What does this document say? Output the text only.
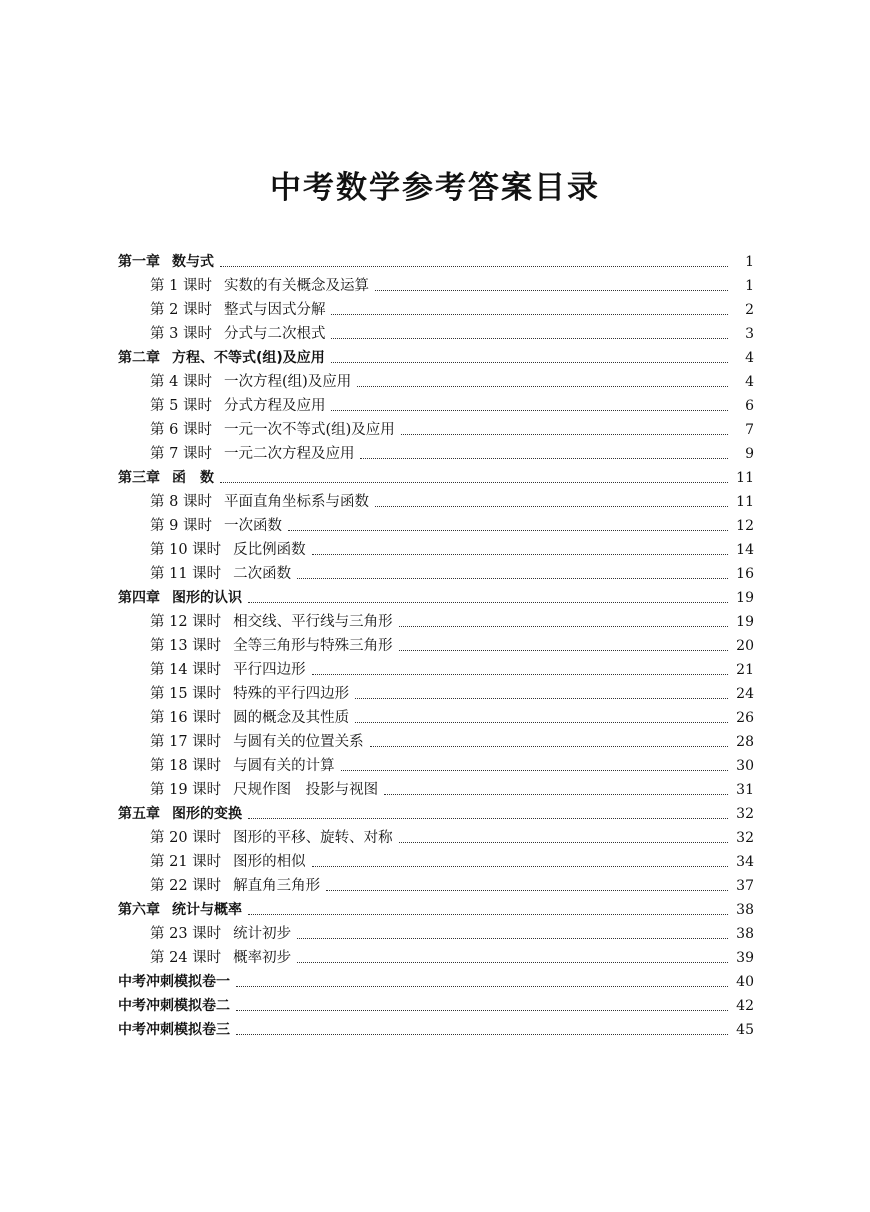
中考数学参考答案目录
第一章 数与式	1
第 1 课时 实数的有关概念及运算	1
第 2 课时 整式与因式分解	2
第 3 课时 分式与二次根式	3
第二章 方程、不等式(组)及应用	4
第 4 课时 一次方程(组)及应用	4
第 5 课时 分式方程及应用	6
第 6 课时 一元一次不等式(组)及应用	7
第 7 课时 一元二次方程及应用	9
第三章 函　数	11
第 8 课时 平面直角坐标系与函数	11
第 9 课时 一次函数	12
第 10 课时 反比例函数	14
第 11 课时 二次函数	16
第四章 图形的认识	19
第 12 课时 相交线、平行线与三角形	19
第 13 课时 全等三角形与特殊三角形	20
第 14 课时 平行四边形	21
第 15 课时 特殊的平行四边形	24
第 16 课时 圆的概念及其性质	26
第 17 课时 与圆有关的位置关系	28
第 18 课时 与圆有关的计算	30
第 19 课时 尺规作图　投影与视图	31
第五章 图形的变换	32
第 20 课时 图形的平移、旋转、对称	32
第 21 课时 图形的相似	34
第 22 课时 解直角三角形	37
第六章 统计与概率	38
第 23 课时 统计初步	38
第 24 课时 概率初步	39
中考冲刺模拟卷一	40
中考冲刺模拟卷二	42
中考冲刺模拟卷三	45
